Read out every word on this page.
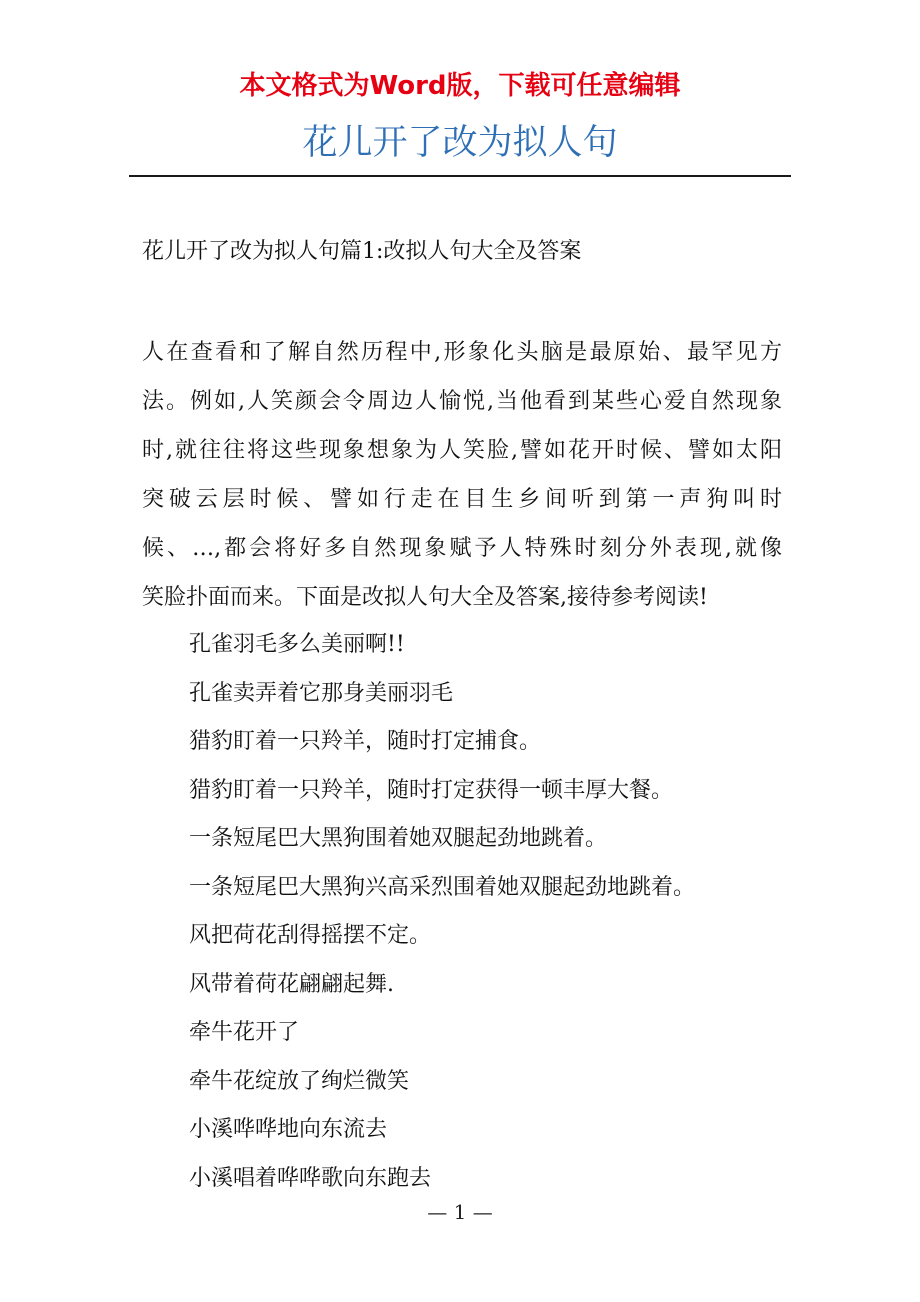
本文格式为Word版，下载可任意编辑
花儿开了改为拟人句
花儿开了改为拟人句篇1:改拟人句大全及答案
人在查看和了解自然历程中,形象化头脑是最原始、最罕见方
法。例如,人笑颜会令周边人愉悦,当他看到某些心爱自然现象
时,就往往将这些现象想象为人笑脸,譬如花开时候、譬如太阳
突破云层时候、譬如行走在目生乡间听到第一声狗叫时
候、…,都会将好多自然现象赋予人特殊时刻分外表现,就像
笑脸扑面而来。下面是改拟人句大全及答案,接待参考阅读!
孔雀羽毛多么美丽啊!!
孔雀卖弄着它那身美丽羽毛
猎豹盯着一只羚羊，随时打定捕食。
猎豹盯着一只羚羊，随时打定获得一顿丰厚大餐。
一条短尾巴大黑狗围着她双腿起劲地跳着。
一条短尾巴大黑狗兴高采烈围着她双腿起劲地跳着。
风把荷花刮得摇摆不定。
风带着荷花翩翩起舞.
牵牛花开了
牵牛花绽放了绚烂微笑
小溪哗哗地向东流去
小溪唱着哗哗歌向东跑去
— 1 —
